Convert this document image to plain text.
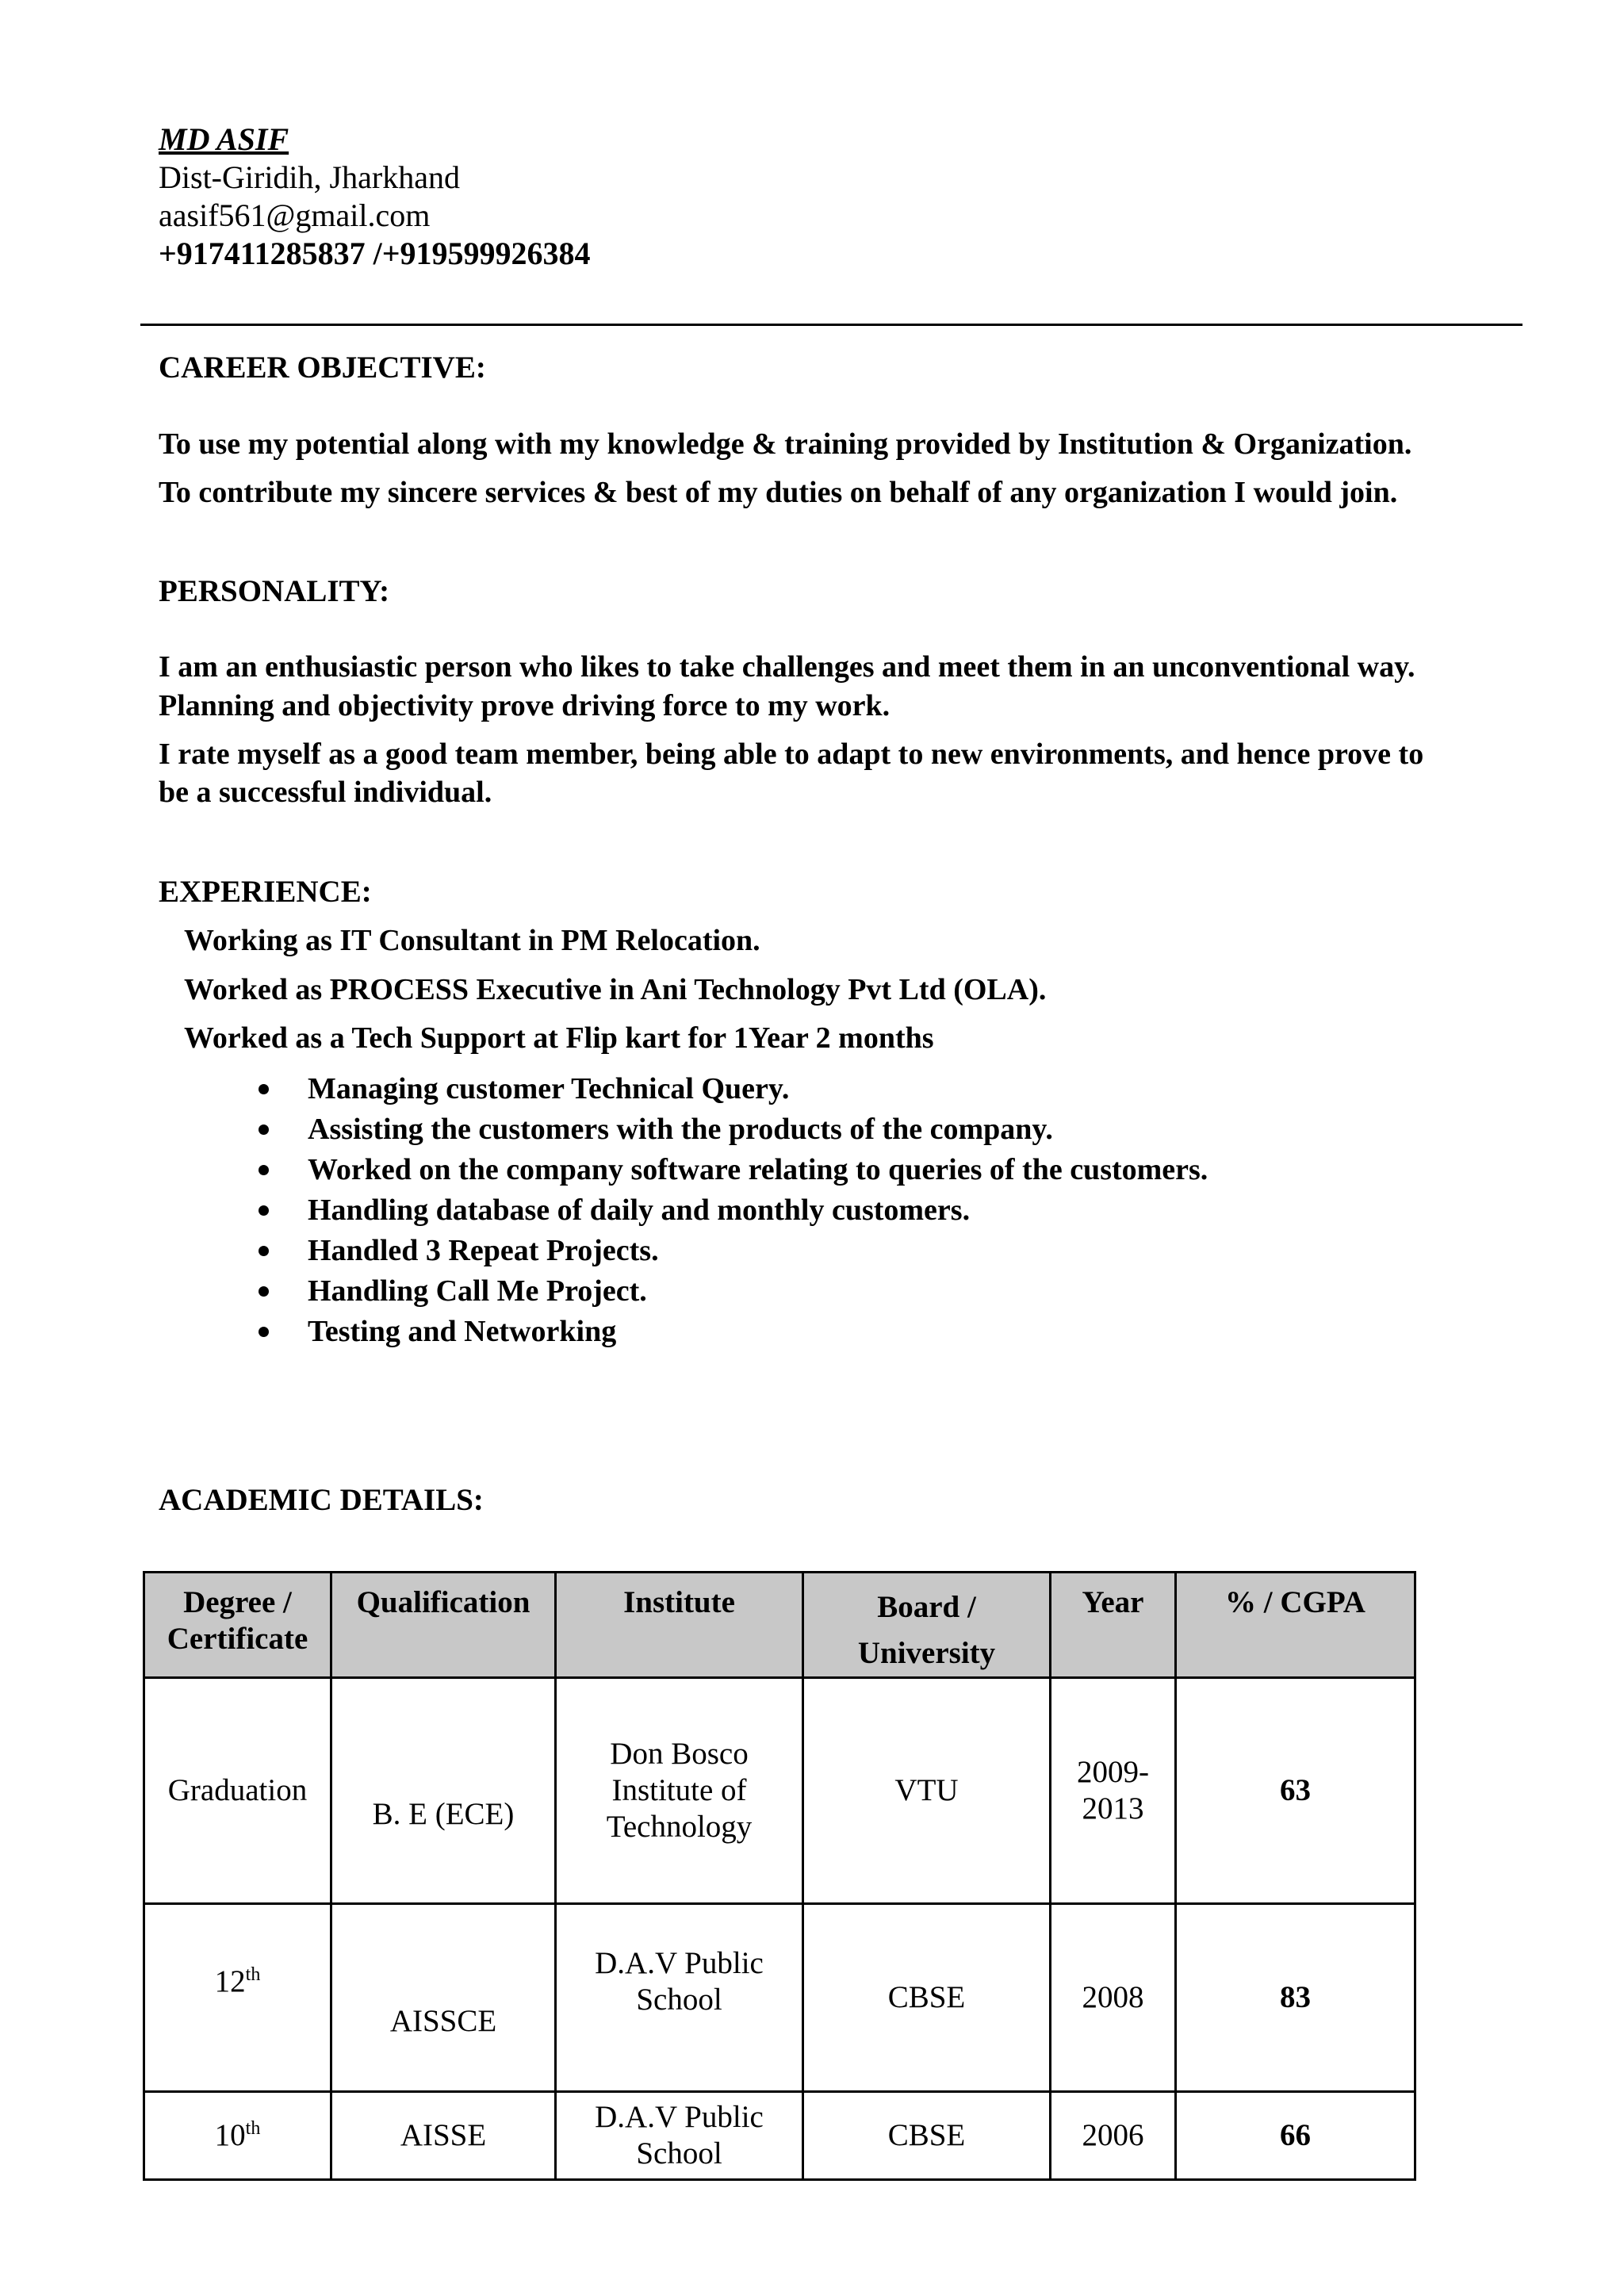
MD ASIF
Dist-Giridih, Jharkhand
aasif561@gmail.com
+917411285837 /+919599926384
CAREER OBJECTIVE:
To use my potential along with my knowledge & training provided by Institution & Organization.
To contribute my sincere services & best of my duties on behalf of any organization I would join.
PERSONALITY:
I am an enthusiastic person who likes to take challenges and meet them in an unconventional way.
Planning and objectivity prove driving force to my work.
I rate myself as a good team member, being able to adapt to new environments, and hence prove to
be a successful individual.
EXPERIENCE:
Working as IT Consultant in PM Relocation.
Worked as PROCESS Executive in Ani Technology Pvt Ltd (OLA).
Worked as a Tech Support at Flip kart for 1Year 2 months
Managing customer Technical Query.
Assisting the customers with the products of the company.
Worked on the company software relating to queries of the customers.
Handling database of daily and monthly customers.
Handled 3 Repeat Projects.
Handling Call Me Project.
Testing and Networking
ACADEMIC DETAILS:
Degree / Certificate	Qualification	Institute	Board / University	Year	% / CGPA
Graduation	B. E (ECE)	Don Bosco Institute of Technology	VTU	2009-2013	63
12th	AISSCE	D.A.V Public School	CBSE	2008	83
10th	AISSE	D.A.V Public School	CBSE	2006	66
